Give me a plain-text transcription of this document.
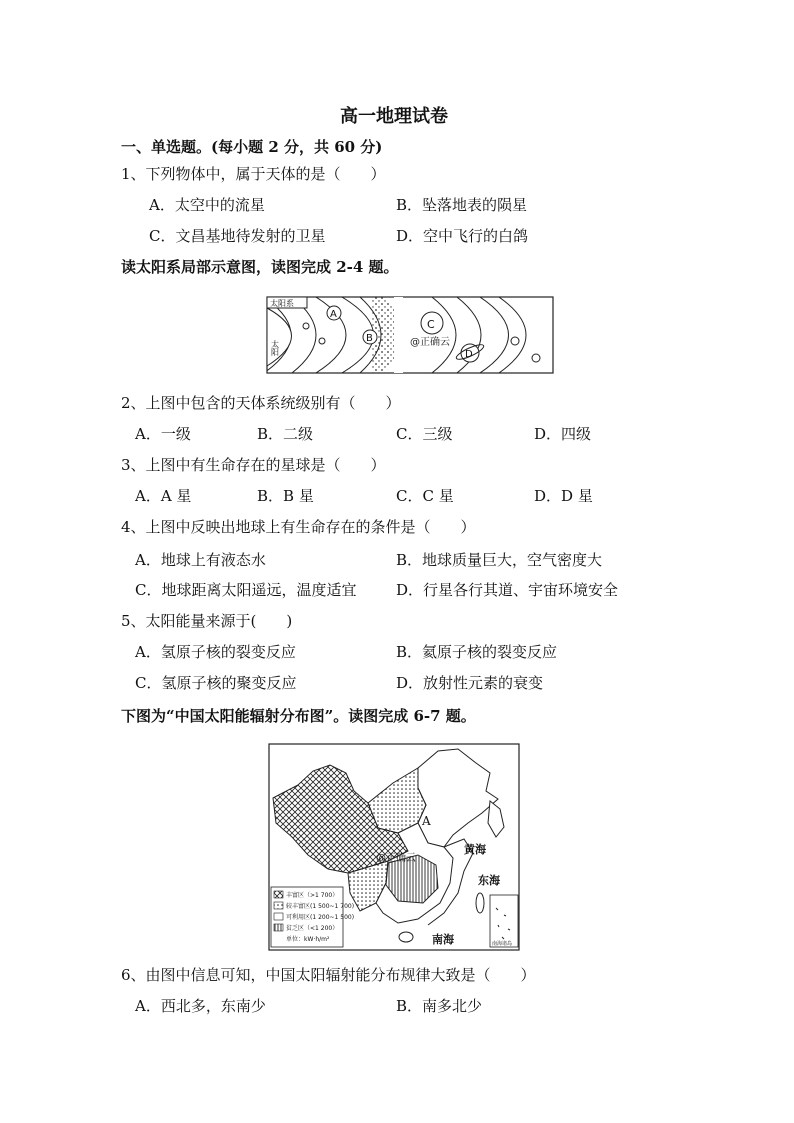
高一地理试卷
一、单选题。(每小题 2 分，共 60 分)
1、下列物体中，属于天体的是（　　）
A．太空中的流星	B．坠落地表的陨星
C．文昌基地待发射的卫星	D．空中飞行的白鸽
读太阳系局部示意图，读图完成 2-4 题。
太阳系
太阳
A
B
C
D
@正确云
2、上图中包含的天体系统级别有（　　）
A．一级	B．二级	C．三级	D．四级
3、上图中有生命存在的星球是（　　）
A．A 星	B．B 星	C．C 星	D．D 星
4、上图中反映出地球上有生命存在的条件是（　　）
A．地球上有液态水	B．地球质量巨大，空气密度大
C．地球距离太阳遥远，温度适宜	D．行星各行其道、宇宙环境安全
5、太阳能量来源于(　　)
A．氢原子核的裂变反应	B．氦原子核的裂变反应
C．氢原子核的聚变反应	D．放射性元素的衰变
下图为“中国太阳能辐射分布图”。读图完成 6-7 题。
丰富区（>1 700）
较丰富区(1 500~1 700)
可利用区(1 200~1 500)
贫乏区（<1 200）
单位：kW·h/m²
南海诸岛
A
黄海
东海
南海
@正确云
6、由图中信息可知，中国太阳辐射能分布规律大致是（　　）
A．西北多，东南少	B．南多北少
